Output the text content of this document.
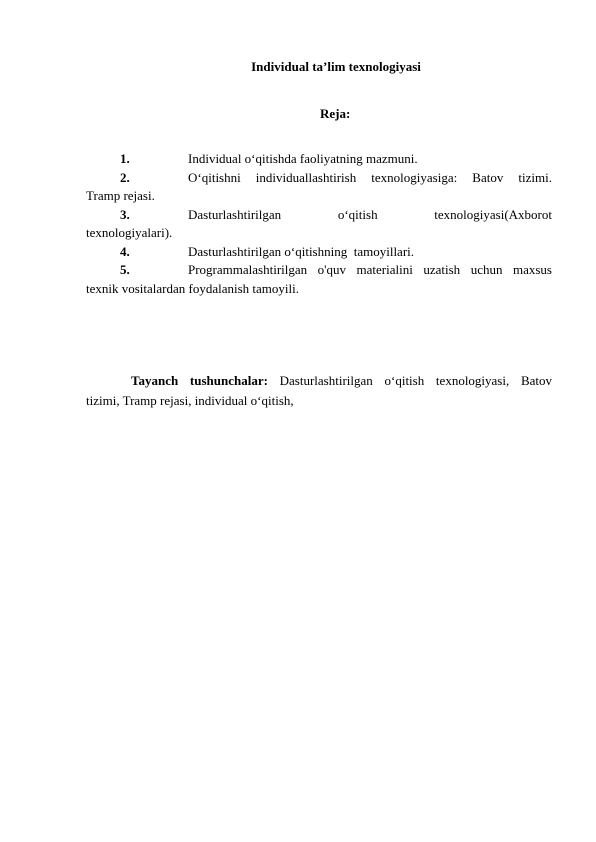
Individual ta’lim texnologiyasi
Reja:
1.	Individual o‘qitishda faoliyatning mazmuni.
2.	O‘qitishni individuallashtirish texnologiyasiga: Batov tizimi.
Tramp rejasi.
3.	Dasturlashtirilgan o‘qitish texnologiyasi(Axborot
texnologiyalari).
4.	Dasturlashtirilgan o‘qitishning  tamoyillari.
5.	Programmalashtirilgan o'quv materialini uzatish uchun maxsus
texnik vositalardan foydalanish tamoyili.
Tayanch tushunchalar: Dasturlashtirilgan o‘qitish texnologiyasi, Batov
tizimi, Tramp rejasi, individual o‘qitish,
